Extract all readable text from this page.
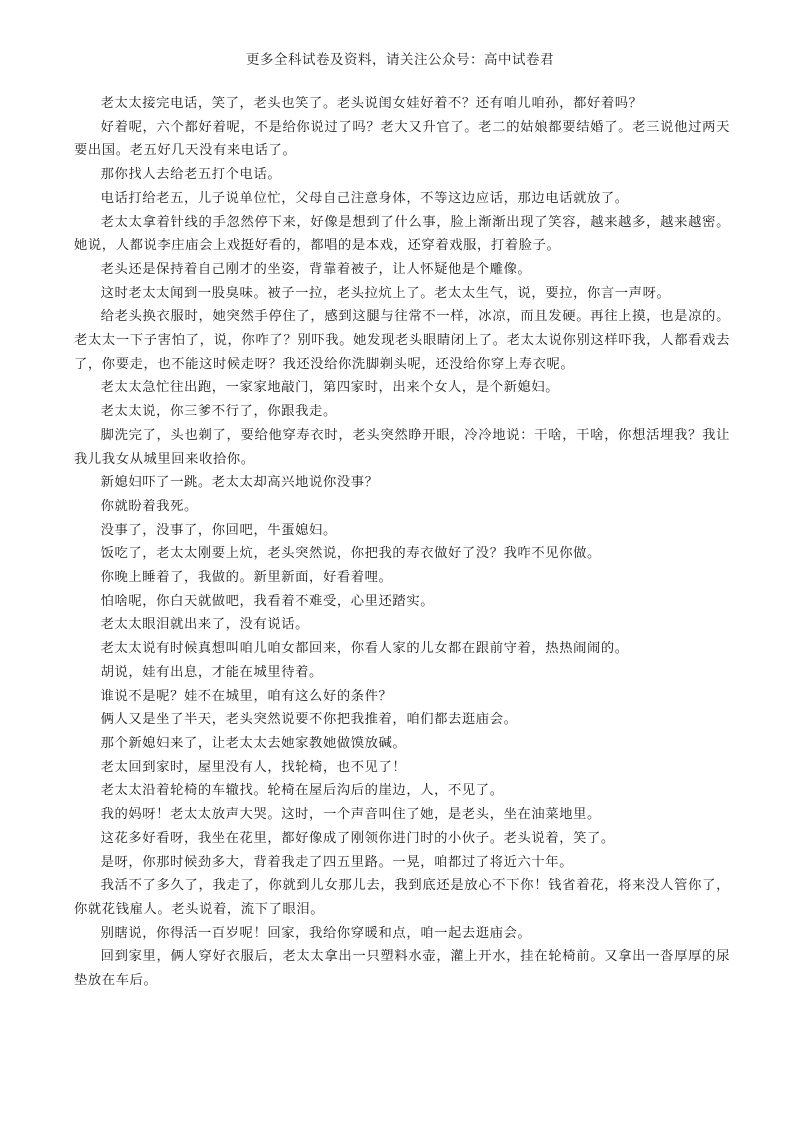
更多全科试卷及资料，请关注公众号：高中试卷君

老太太接完电话，笑了，老头也笑了。老头说闺女娃好着不？还有咱儿咱孙，都好着吗？

好着呢，六个都好着呢，不是给你说过了吗？老大又升官了。老二的姑娘都要结婚了。老三说他过两天要出国。老五好几天没有来电话了。

那你找人去给老五打个电话。

电话打给老五，儿子说单位忙，父母自己注意身体，不等这边应话，那边电话就放了。

老太太拿着针线的手忽然停下来，好像是想到了什么事，脸上渐渐出现了笑容，越来越多，越来越密。她说，人都说李庄庙会上戏挺好看的，都唱的是本戏，还穿着戏服，打着脸子。

老头还是保持着自己刚才的坐姿，背靠着被子，让人怀疑他是个雕像。

这时老太太闻到一股臭味。被子一拉，老头拉炕上了。老太太生气，说，要拉，你言一声呀。

给老头换衣服时，她突然手停住了，感到这腿与往常不一样，冰凉，而且发硬。再往上摸，也是凉的。老太太一下子害怕了，说，你咋了？别吓我。她发现老头眼睛闭上了。老太太说你别这样吓我，人都看戏去了，你要走，也不能这时候走呀？我还没给你洗脚剃头呢，还没给你穿上寿衣呢。

老太太急忙往出跑，一家家地敲门，第四家时，出来个女人，是个新媳妇。

老太太说，你三爹不行了，你跟我走。

脚洗完了，头也剃了，要给他穿寿衣时，老头突然睁开眼，冷冷地说：干啥，干啥，你想活埋我？我让我儿我女从城里回来收拾你。

新媳妇吓了一跳。老太太却高兴地说你没事？

你就盼着我死。

没事了，没事了，你回吧，牛蛋媳妇。

饭吃了，老太太刚要上炕，老头突然说，你把我的寿衣做好了没？我咋不见你做。

你晚上睡着了，我做的。新里新面，好看着哩。

怕啥呢，你白天就做吧，我看着不难受，心里还踏实。

老太太眼泪就出来了，没有说话。

老太太说有时候真想叫咱儿咱女都回来，你看人家的儿女都在跟前守着，热热闹闹的。

胡说，娃有出息，才能在城里待着。

谁说不是呢？娃不在城里，咱有这么好的条件？

俩人又是坐了半天，老头突然说要不你把我推着，咱们都去逛庙会。

那个新媳妇来了，让老太太去她家教她做馍放碱。

老太回到家时，屋里没有人，找轮椅，也不见了！

老太太沿着轮椅的车辙找。轮椅在屋后沟后的崖边，人，不见了。

我的妈呀！老太太放声大哭。这时，一个声音叫住了她，是老头，坐在油菜地里。

这花多好看呀，我坐在花里，都好像成了刚领你进门时的小伙子。老头说着，笑了。

是呀，你那时候劲多大，背着我走了四五里路。一晃，咱都过了将近六十年。

我活不了多久了，我走了，你就到儿女那儿去，我到底还是放心不下你！钱省着花，将来没人管你了，你就花钱雇人。老头说着，流下了眼泪。

别瞎说，你得活一百岁呢！回家，我给你穿暖和点，咱一起去逛庙会。

回到家里，俩人穿好衣服后，老太太拿出一只塑料水壶，灌上开水，挂在轮椅前。又拿出一沓厚厚的尿垫放在车后。
